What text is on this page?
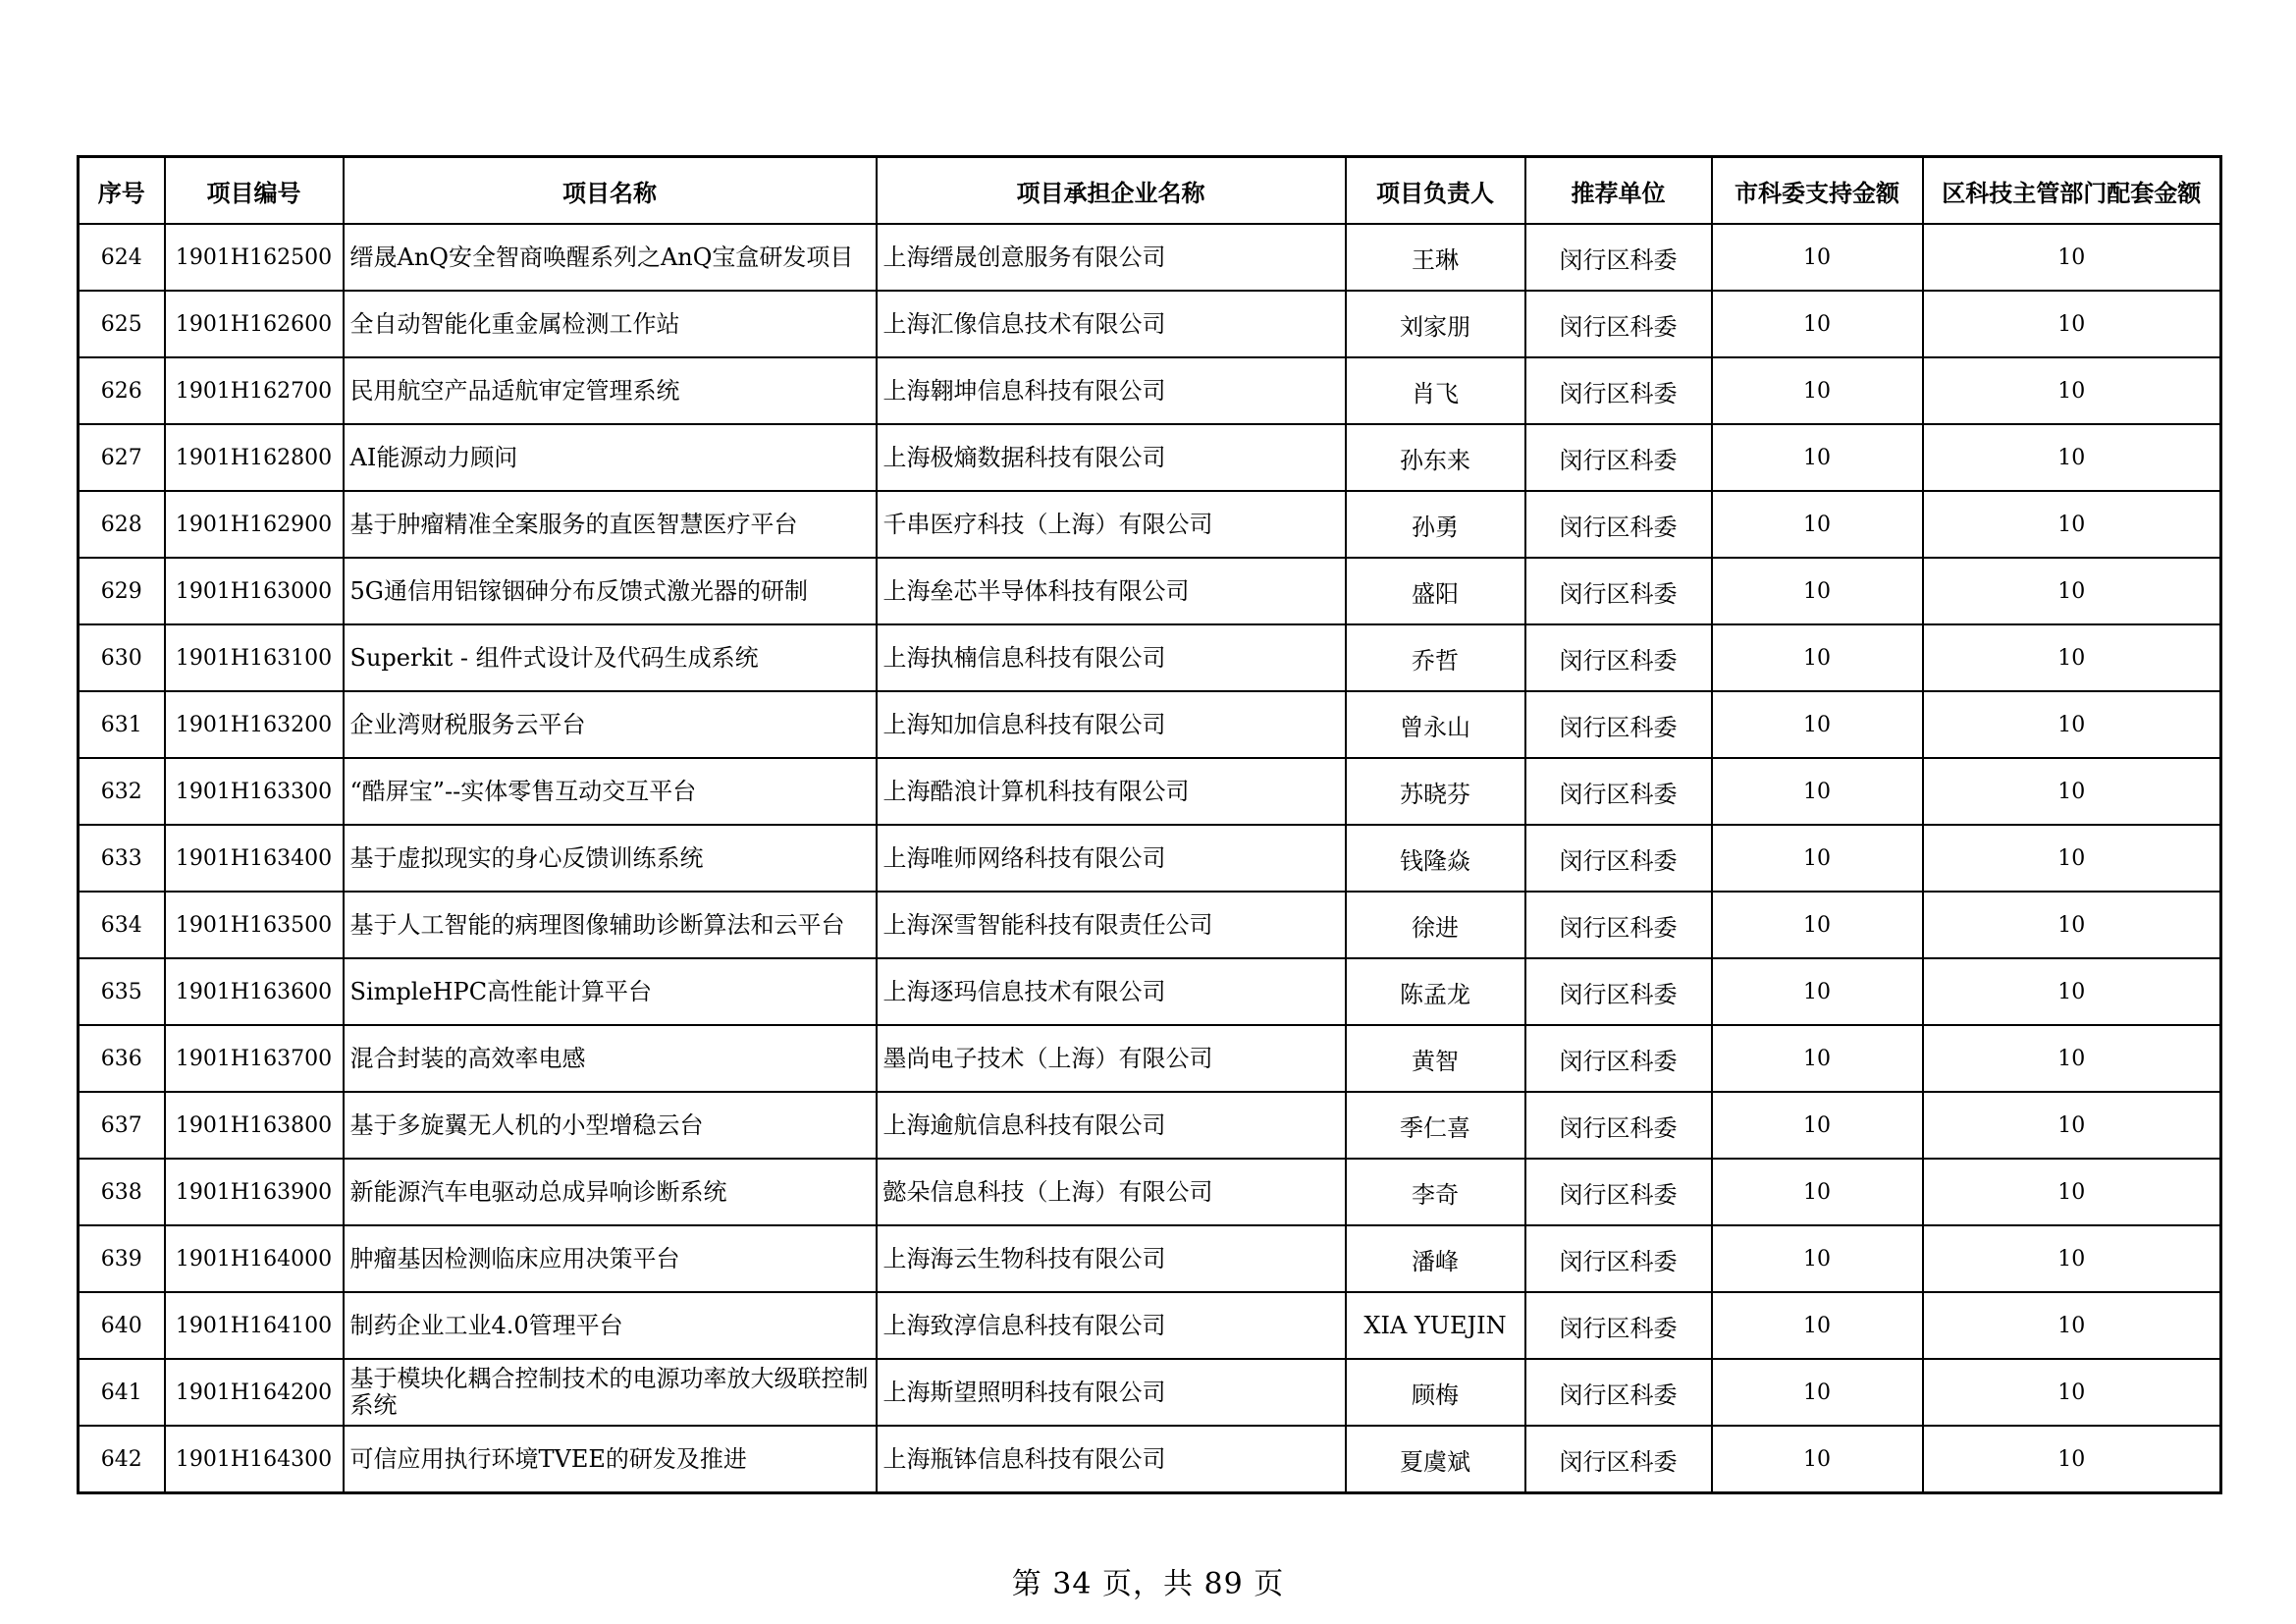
序号	项目编号	项目名称	项目承担企业名称	项目负责人	推荐单位	市科委支持金额	区科技主管部门配套金额
624	1901H162500	缙晟AnQ安全智商唤醒系列之AnQ宝盒研发项目	上海缙晟创意服务有限公司	王琳	闵行区科委	10	10
625	1901H162600	全自动智能化重金属检测工作站	上海汇像信息技术有限公司	刘家朋	闵行区科委	10	10
626	1901H162700	民用航空产品适航审定管理系统	上海翱坤信息科技有限公司	肖飞	闵行区科委	10	10
627	1901H162800	AI能源动力顾问	上海极熵数据科技有限公司	孙东来	闵行区科委	10	10
628	1901H162900	基于肿瘤精准全案服务的直医智慧医疗平台	千串医疗科技（上海）有限公司	孙勇	闵行区科委	10	10
629	1901H163000	5G通信用铝镓铟砷分布反馈式激光器的研制	上海垒芯半导体科技有限公司	盛阳	闵行区科委	10	10
630	1901H163100	Superkit - 组件式设计及代码生成系统	上海执楠信息科技有限公司	乔哲	闵行区科委	10	10
631	1901H163200	企业湾财税服务云平台	上海知加信息科技有限公司	曾永山	闵行区科委	10	10
632	1901H163300	“酷屏宝”--实体零售互动交互平台	上海酷浪计算机科技有限公司	苏晓芬	闵行区科委	10	10
633	1901H163400	基于虚拟现实的身心反馈训练系统	上海唯师网络科技有限公司	钱隆焱	闵行区科委	10	10
634	1901H163500	基于人工智能的病理图像辅助诊断算法和云平台	上海深雪智能科技有限责任公司	徐进	闵行区科委	10	10
635	1901H163600	SimpleHPC高性能计算平台	上海逐玛信息技术有限公司	陈孟龙	闵行区科委	10	10
636	1901H163700	混合封装的高效率电感	墨尚电子技术（上海）有限公司	黄智	闵行区科委	10	10
637	1901H163800	基于多旋翼无人机的小型增稳云台	上海逾航信息科技有限公司	季仁喜	闵行区科委	10	10
638	1901H163900	新能源汽车电驱动总成异响诊断系统	懿朵信息科技（上海）有限公司	李奇	闵行区科委	10	10
639	1901H164000	肿瘤基因检测临床应用决策平台	上海海云生物科技有限公司	潘峰	闵行区科委	10	10
640	1901H164100	制药企业工业4.0管理平台	上海致淳信息科技有限公司	XIA YUEJIN	闵行区科委	10	10
641	1901H164200	基于模块化耦合控制技术的电源功率放大级联控制系统	上海斯望照明科技有限公司	顾梅	闵行区科委	10	10
642	1901H164300	可信应用执行环境TVEE的研发及推进	上海瓶钵信息科技有限公司	夏虞斌	闵行区科委	10	10
第 34 页，共 89 页
